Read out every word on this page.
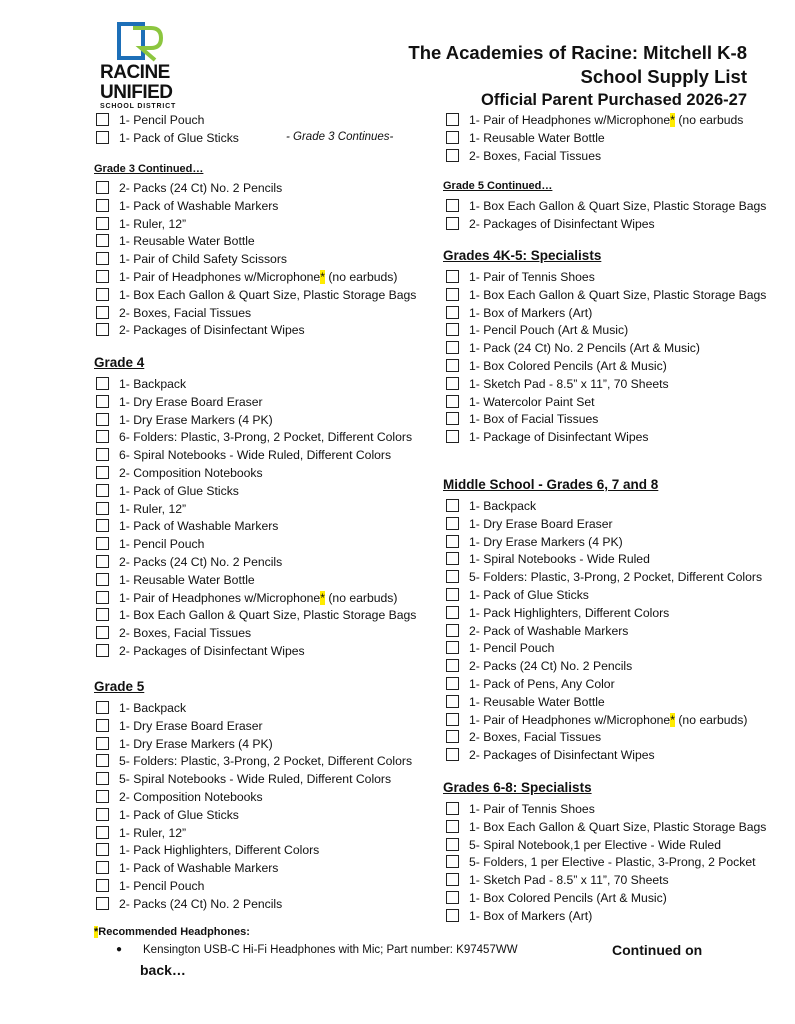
RACINE
UNIFIED
SCHOOL DISTRICT
The Academies of Racine: Mitchell K-8
School Supply List
Official Parent Purchased 2026-27
1- Pencil Pouch
1- Pack of Glue Sticks	- Grade 3 Continues-
Grade 3 Continued…
2- Packs (24 Ct) No. 2 Pencils
1- Pack of Washable Markers
1- Ruler, 12”
1- Reusable Water Bottle
1- Pair of Child Safety Scissors
1- Pair of Headphones w/Microphone* (no earbuds)
1- Box Each Gallon & Quart Size, Plastic Storage Bags
2- Boxes, Facial Tissues
2- Packages of Disinfectant Wipes
Grade 4
1- Backpack
1- Dry Erase Board Eraser
1- Dry Erase Markers (4 PK)
6- Folders: Plastic, 3-Prong, 2 Pocket, Different Colors
6- Spiral Notebooks - Wide Ruled, Different Colors
2- Composition Notebooks
1- Pack of Glue Sticks
1- Ruler, 12”
1- Pack of Washable Markers
1- Pencil Pouch
2- Packs (24 Ct) No. 2 Pencils
1- Reusable Water Bottle
1- Pair of Headphones w/Microphone* (no earbuds)
1- Box Each Gallon & Quart Size, Plastic Storage Bags
2- Boxes, Facial Tissues
2- Packages of Disinfectant Wipes
Grade 5
1- Backpack
1- Dry Erase Board Eraser
1- Dry Erase Markers (4 PK)
5- Folders: Plastic, 3-Prong, 2 Pocket, Different Colors
5- Spiral Notebooks - Wide Ruled, Different Colors
2- Composition Notebooks
1- Pack of Glue Sticks
1- Ruler, 12”
1- Pack Highlighters, Different Colors
1- Pack of Washable Markers
1- Pencil Pouch
2- Packs (24 Ct) No. 2 Pencils
1- Pair of Headphones w/Microphone* (no earbuds
1- Reusable Water Bottle
2- Boxes, Facial Tissues
Grade 5 Continued…
1- Box Each Gallon & Quart Size, Plastic Storage Bags
2- Packages of Disinfectant Wipes
Grades 4K-5: Specialists
1- Pair of Tennis Shoes
1- Box Each Gallon & Quart Size, Plastic Storage Bags
1- Box of Markers (Art)
1- Pencil Pouch (Art & Music)
1- Pack (24 Ct) No. 2 Pencils (Art & Music)
1- Box Colored Pencils (Art & Music)
1- Sketch Pad - 8.5” x 11”, 70 Sheets
1- Watercolor Paint Set
1- Box of Facial Tissues
1- Package of Disinfectant Wipes
Middle School - Grades 6, 7 and 8
1- Backpack
1- Dry Erase Board Eraser
1- Dry Erase Markers (4 PK)
1- Spiral Notebooks - Wide Ruled
5- Folders: Plastic, 3-Prong, 2 Pocket, Different Colors
1- Pack of Glue Sticks
1- Pack Highlighters, Different Colors
2- Pack of Washable Markers
1- Pencil Pouch
2- Packs (24 Ct) No. 2 Pencils
1- Pack of Pens, Any Color
1- Reusable Water Bottle
1- Pair of Headphones w/Microphone* (no earbuds)
2- Boxes, Facial Tissues
2- Packages of Disinfectant Wipes
Grades 6-8: Specialists
1- Pair of Tennis Shoes
1- Box Each Gallon & Quart Size, Plastic Storage Bags
5- Spiral Notebook,1 per Elective - Wide Ruled
5- Folders, 1 per Elective - Plastic, 3-Prong, 2 Pocket
1- Sketch Pad - 8.5” x 11”, 70 Sheets
1- Box Colored Pencils (Art & Music)
1- Box of Markers (Art)
*Recommended Headphones:
● Kensington USB-C Hi-Fi Headphones with Mic; Part number: K97457WW	Continued on
back…
